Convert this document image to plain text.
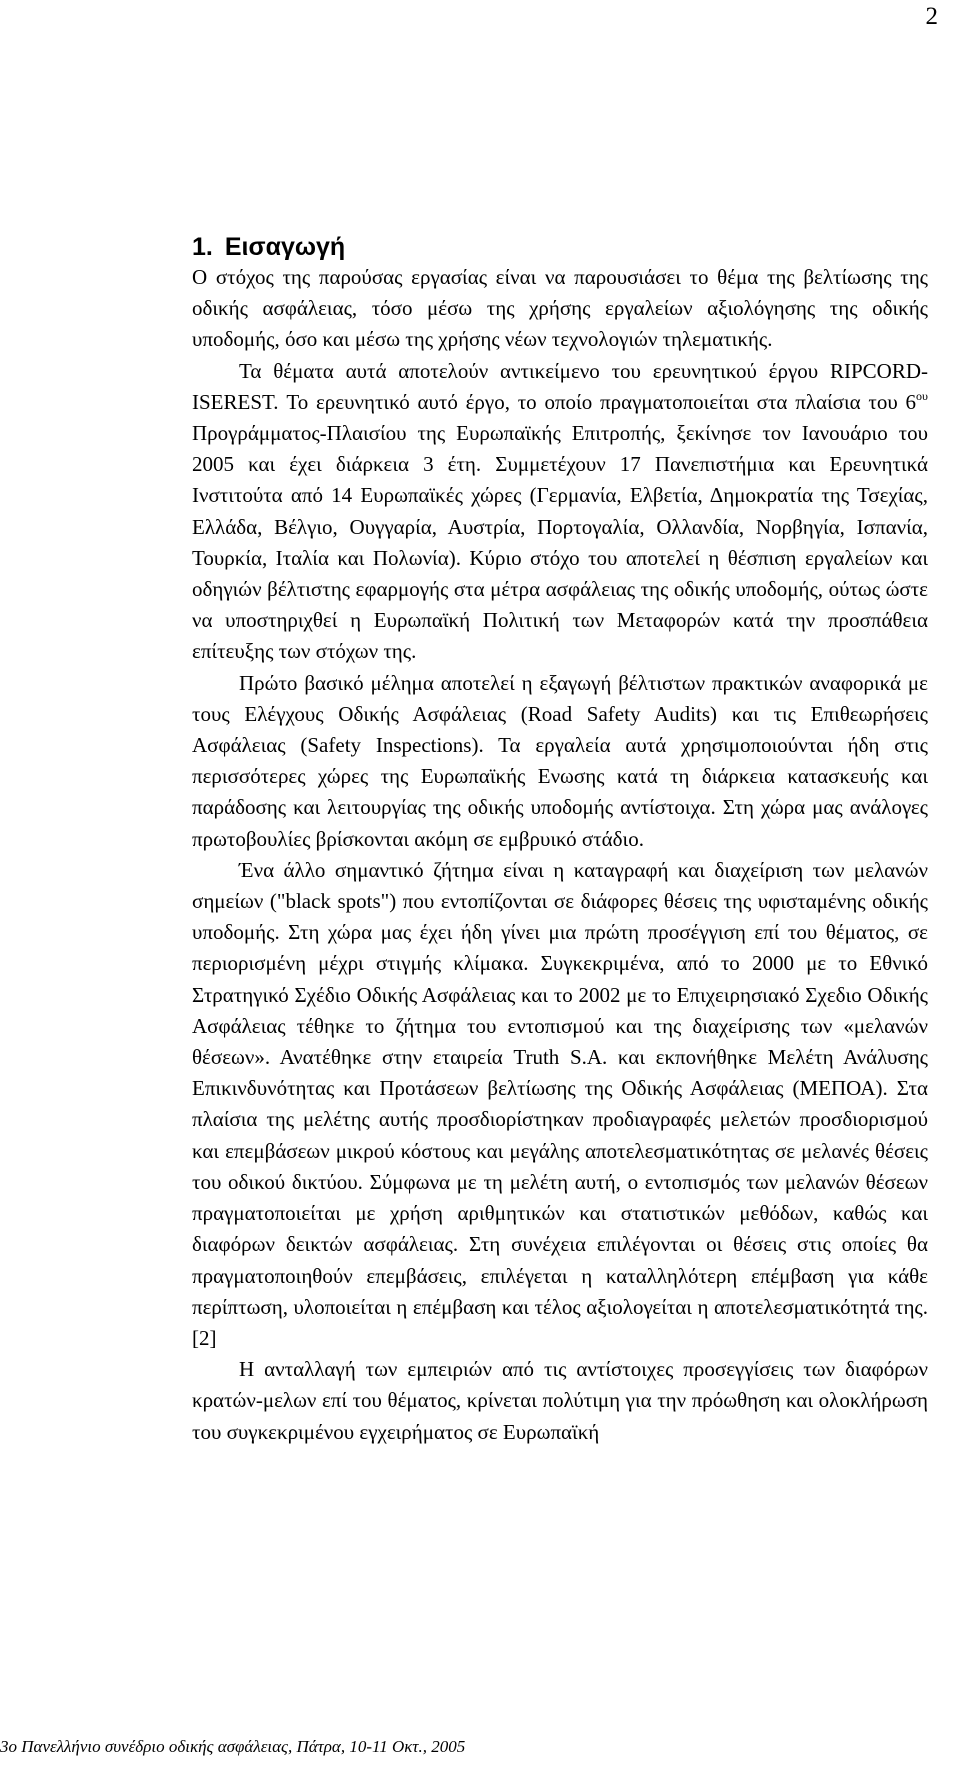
2
1. Εισαγωγή

Ο στόχος της παρούσας εργασίας είναι να παρουσιάσει το θέμα της βελτίωσης της οδικής ασφάλειας, τόσο μέσω της χρήσης εργαλείων αξιολόγησης της οδικής υποδομής, όσο και μέσω της χρήσης νέων τεχνολογιών τηλεματικής.
Τα θέματα αυτά αποτελούν αντικείμενο του ερευνητικού έργου RIPCORD-ISEREST. Το ερευνητικό αυτό έργο, το οποίο πραγματοποιείται στα πλαίσια του $6^{o\upsilon}$ Προγράμματος-Πλαισίου της Ευρωπαϊκής Επιτροπής, ξεκίνησε τον Ιανουάριο του 2005 και έχει διάρκεια 3 έτη. Συμμετέχουν 17 Πανεπιστήμια και Ερευνητικά Ινστιτούτα από 14 Ευρωπαϊκές χώρες (Γερμανία, Ελβετία, Δημοκρατία της Τσεχίας, Ελλάδα, Βέλγιο, Ουγγαρία, Αυστρία, Πορτογαλία, Ολλανδία, Νορβηγία, Ισπανία, Τουρκία, Ιταλία και Πολωνία). Κύριο στόχο του αποτελεί η θέσπιση εργαλείων και οδηγιών βέλτιστης εφαρμογής στα μέτρα ασφάλειας της οδικής υποδομής, ούτως ώστε να υποστηριχθεί η Ευρωπαϊκή Πολιτική των Μεταφορών κατά την προσπάθεια επίτευξης των στόχων της.

Πρώτο βασικό μέλημα αποτελεί η εξαγωγή βέλτιστων πρακτικών αναφορικά με τους Ελέγχους Οδικής Ασφάλειας (Road Safety Audits) και τις Επιθεωρήσεις Ασφάλειας (Safety Inspections). Τα εργαλεία αυτά χρησιμοποιούνται ήδη στις περισσότερες χώρες της Ευρωπαϊκής Ενωσης κατά τη διάρκεια κατασκευής και παράδοσης και λειτουργίας της οδικής υποδομής αντίστοιχα. Στη χώρα μας ανάλογες πρωτοβουλίες βρίσκονται ακόμη σε εμβρυικό στάδιο.

Ένα άλλο σημαντικό ζήτημα είναι η καταγραφή και διαχείριση των μελανών σημείων ("black spots") που εντοπίζονται σε διάφορες θέσεις της υφισταμένης οδικής υποδομής. Στη χώρα μας έχει ήδη γίνει μια πρώτη προσέγγιση επί του θέματος, σε περιορισμένη μέχρι στιγμής κλίμακα. Συγκεκριμένα, από το 2000 με το Εθνικό Στρατηγικό Σχέδιο Οδικής Ασφάλειας και το 2002 με το Επιχειρησιακό Σχεδιο Οδικής Ασφάλειας τέθηκε το ζήτημα του εντοπισμού και της διαχείρισης των «μελανών θέσεων». Ανατέθηκε στην εταιρεία Truth S.A. και εκπονήθηκε Μελέτη Ανάλυσης Επικινδυνότητας και Προτάσεων βελτίωσης της Οδικής Ασφάλειας (ΜΕΠΟΑ). Στα πλαίσια της μελέτης αυτής προσδιορίστηκαν προδιαγραφές μελετών προσδιορισμού και επεμβάσεων μικρού κόστους και μεγάλης αποτελεσματικότητας σε μελανές θέσεις του οδικού δικτύου. Σύμφωνα με τη μελέτη αυτή, ο εντοπισμός των μελανών θέσεων πραγματοποιείται με χρήση αριθμητικών και στατιστικών μεθόδων, καθώς και διαφόρων δεικτών ασφάλειας. Στη συνέχεια επιλέγονται οι θέσεις στις οποίες θα πραγματοποιηθούν επεμβάσεις, επιλέγεται η καταλληλότερη επέμβαση για κάθε περίπτωση, υλοποιείται η επέμβαση και τέλος αξιολογείται η αποτελεσματικότητά της. [2]

Η ανταλλαγή των εμπειριών από τις αντίστοιχες προσεγγίσεις των διαφόρων κρατών-μελων επί του θέματος, κρίνεται πολύτιμη για την πρόωθηση και ολοκλήρωση του συγκεκριμένου εγχειρήματος σε Ευρωπαϊκή

3ο Πανελλήνιο συνέδριο οδικής ασφάλειας, Πάτρα, 10-11 Οκτ., 2005
